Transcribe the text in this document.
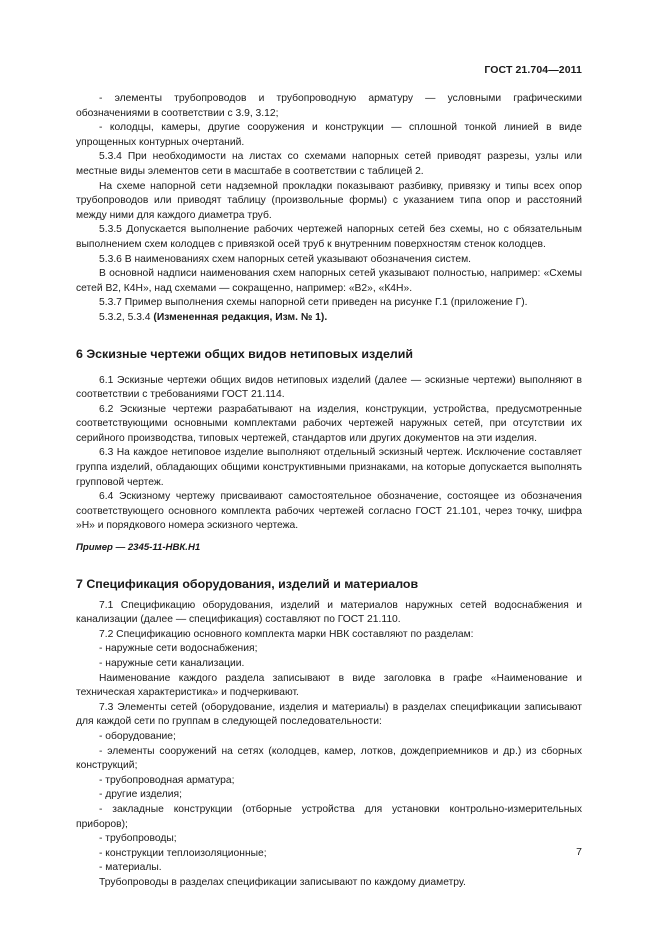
ГОСТ 21.704—2011

- элементы трубопроводов и трубопроводную арматуру — условными графическими обозначениями в соответствии с 3.9, 3.12;

- колодцы, камеры, другие сооружения и конструкции — сплошной тонкой линией в виде упрощенных контурных очертаний.

5.3.4 При необходимости на листах со схемами напорных сетей приводят разрезы, узлы или местные виды элементов сети в масштабе в соответствии с таблицей 2.

На схеме напорной сети надземной прокладки показывают разбивку, привязку и типы всех опор трубопроводов или приводят таблицу (произвольные формы) с указанием типа опор и расстояний между ними для каждого диаметра труб.

5.3.5 Допускается выполнение рабочих чертежей напорных сетей без схемы, но с обязательным выполнением схем колодцев с привязкой осей труб к внутренним поверхностям стенок колодцев.

5.3.6 В наименованиях схем напорных сетей указывают обозначения систем.

В основной надписи наименования схем напорных сетей указывают полностью, например: «Схемы сетей В2, К4Н», над схемами — сокращенно, например: «В2», «К4Н».

5.3.7 Пример выполнения схемы напорной сети приведен на рисунке Г.1 (приложение Г).

5.3.2, 5.3.4 (Измененная редакция, Изм. № 1).

6 Эскизные чертежи общих видов нетиповых изделий

6.1 Эскизные чертежи общих видов нетиповых изделий (далее — эскизные чертежи) выполняют в соответствии с требованиями ГОСТ 21.114.

6.2 Эскизные чертежи разрабатывают на изделия, конструкции, устройства, предусмотренные соответствующими основными комплектами рабочих чертежей наружных сетей, при отсутствии их серийного производства, типовых чертежей, стандартов или других документов на эти изделия.

6.3 На каждое нетиповое изделие выполняют отдельный эскизный чертеж. Исключение составляет группа изделий, обладающих общими конструктивными признаками, на которые допускается выполнять групповой чертеж.

6.4 Эскизному чертежу присваивают самостоятельное обозначение, состоящее из обозначения соответствующего основного комплекта рабочих чертежей согласно ГОСТ 21.101, через точку, шифра »Н» и порядкового номера эскизного чертежа.

Пример — 2345-11-НВК.Н1

7 Спецификация оборудования, изделий и материалов

7.1 Спецификацию оборудования, изделий и материалов наружных сетей водоснабжения и канализации (далее — спецификация) составляют по ГОСТ 21.110.

7.2 Спецификацию основного комплекта марки НВК составляют по разделам:

- наружные сети водоснабжения;

- наружные сети канализации.

Наименование каждого раздела записывают в виде заголовка в графе «Наименование и техническая характеристика» и подчеркивают.

7.3 Элементы сетей (оборудование, изделия и материалы) в разделах спецификации записывают для каждой сети по группам в следующей последовательности:

- оборудование;

- элементы сооружений на сетях (колодцев, камер, лотков, дождеприемников и др.) из сборных конструкций;

- трубопроводная арматура;

- другие изделия;

- закладные конструкции (отборные устройства для установки контрольно-измерительных приборов);

- трубопроводы;

- конструкции теплоизоляционные;

- материалы.

Трубопроводы в разделах спецификации записывают по каждому диаметру.

7
